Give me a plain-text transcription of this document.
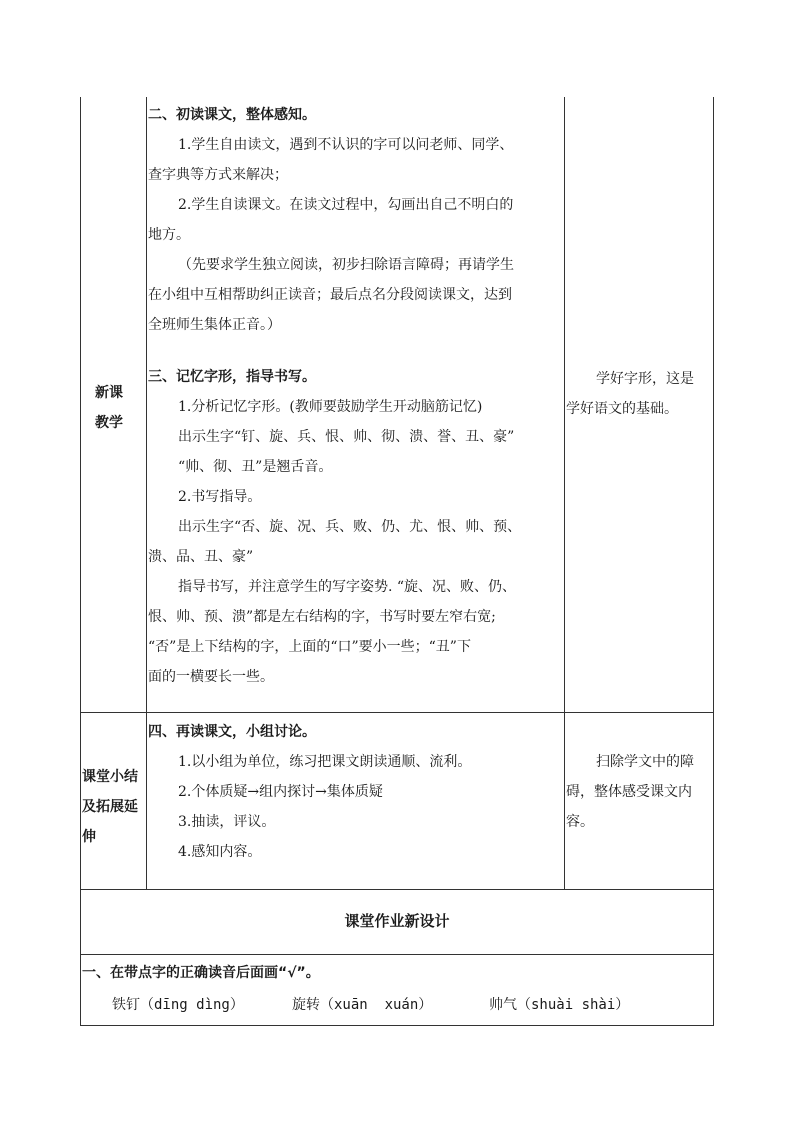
新课
教学

二、初读课文，整体感知。

1.学生自由读文，遇到不认识的字可以问老师、同学、

查字典等方式来解决；

2.学生自读课文。在读文过程中，勾画出自己不明白的

地方。

（先要求学生独立阅读，初步扫除语言障碍；再请学生

在小组中互相帮助纠正读音；最后点名分段阅读课文，达到

全班师生集体正音。）

三、记忆字形，指导书写。

1.分析记忆字形。(教师要鼓励学生开动脑筋记忆)

出示生字“钉、旋、兵、恨、帅、彻、溃、誉、丑、豪”

“帅、彻、丑”是翘舌音。

2.书写指导。

出示生字“否、旋、况、兵、败、仍、尤、恨、帅、预、

溃、品、丑、豪”

指导书写，并注意学生的写字姿势. “旋、况、败、仍、

恨、帅、预、溃”都是左右结构的字，书写时要左窄右宽;

“否”是上下结构的字，上面的“口”要小一些；“丑”下

面的一横要长一些。

学好字形，这是

学好语文的基础。

课堂小结
及拓展延
伸

四、再读课文，小组讨论。

1.以小组为单位，练习把课文朗读通顺、流利。

2.个体质疑→组内探讨→集体质疑

3.抽读，评议。

4.感知内容。

扫除学文中的障

碍，整体感受课文内

容。

课堂作业新设计

一、在带点字的正确读音后面画“√”。

铁钉（dīng dìng）	旋转（xuān  xuán）	帅气（shuài shài）
